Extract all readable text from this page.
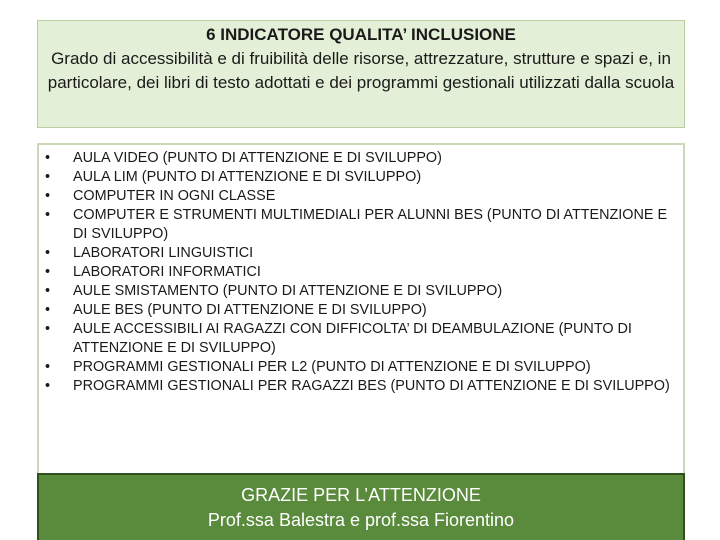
6 INDICATORE QUALITA’ INCLUSIONE

Grado di accessibilità e di fruibilità delle risorse, attrezzature, strutture e spazi e, in particolare, dei libri di testo adottati e dei programmi gestionali utilizzati dalla scuola

•	AULA VIDEO (PUNTO DI ATTENZIONE E DI SVILUPPO)
•	AULA LIM (PUNTO DI ATTENZIONE E DI SVILUPPO)
•	COMPUTER IN OGNI CLASSE
•	COMPUTER E STRUMENTI MULTIMEDIALI PER ALUNNI BES (PUNTO DI ATTENZIONE E DI SVILUPPO)
•	LABORATORI LINGUISTICI
•	LABORATORI INFORMATICI
•	AULE SMISTAMENTO (PUNTO DI ATTENZIONE E DI SVILUPPO)
•	AULE BES (PUNTO DI ATTENZIONE E DI SVILUPPO)
•	AULE ACCESSIBILI AI RAGAZZI CON DIFFICOLTA’ DI DEAMBULAZIONE (PUNTO DI ATTENZIONE E DI SVILUPPO)
•	PROGRAMMI GESTIONALI PER L2 (PUNTO DI ATTENZIONE E DI SVILUPPO)
•	PROGRAMMI GESTIONALI PER RAGAZZI BES (PUNTO DI ATTENZIONE E DI SVILUPPO)

GRAZIE PER L’ATTENZIONE

Prof.ssa Balestra e prof.ssa Fiorentino
